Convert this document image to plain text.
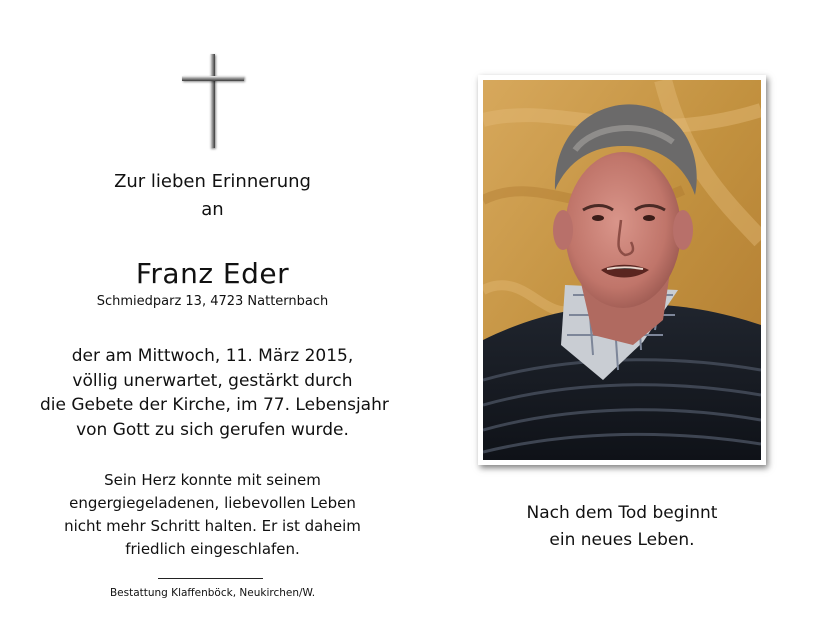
Zur lieben Erinnerung
an
Franz Eder
Schmiedparz 13, 4723 Natternbach
der am Mittwoch, 11. März 2015,
völlig unerwartet, gestärkt durch
die Gebete der Kirche, im 77. Lebensjahr
von Gott zu sich gerufen wurde.
Sein Herz konnte mit seinem
engergiegeladenen, liebevollen Leben
nicht mehr Schritt halten. Er ist daheim
friedlich eingeschlafen.
Bestattung Klaffenböck, Neukirchen/W.
Nach dem Tod beginnt
ein neues Leben.
